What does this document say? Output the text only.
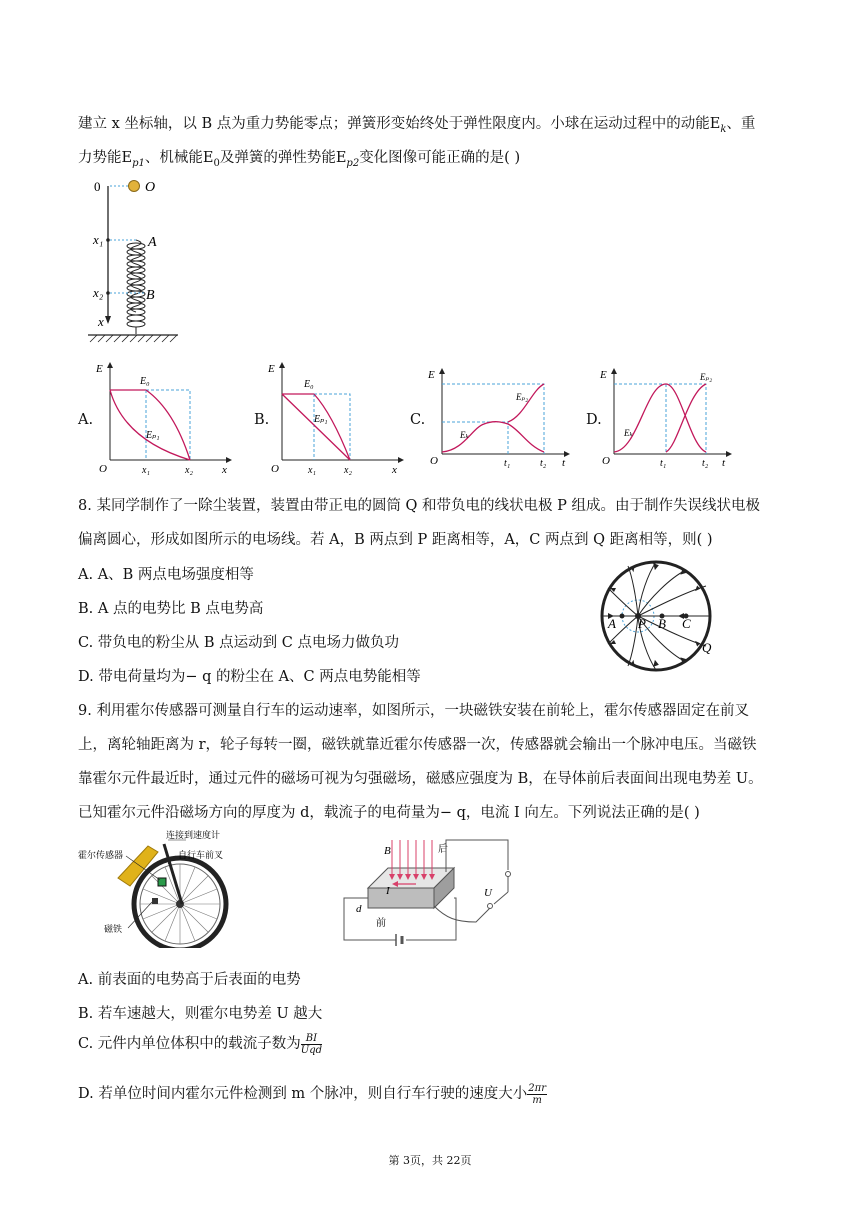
建立 x 坐标轴，以 B 点为重力势能零点；弹簧形变始终处于弹性限度内。小球在运动过程中的动能$E_k$、重
力势能$E_{p1}$、机械能$E_0$及弹簧的弹性势能$E_{p2}$变化图像可能正确的是( )
0	O
x₁	A
x₂	B
x
A.	B.	C.	D.
E
E₀
Eₚ₁
O	x₁	x₂	x
E
E₀
Eₚ₁
O	x₁	x₂	x
E
Eₚ₂
Eₖ
O	t₁	t₂ t
E	Eₚ₂
Eₖ
O	t₁	t₂ t
8. 某同学制作了一除尘装置，装置由带正电的圆筒 Q 和带负电的线状电极 P 组成。由于制作失误线状电极
偏离圆心，形成如图所示的电场线。若 A，B 两点到 P 距离相等，A，C 两点到 Q 距离相等，则( )
A. A、B 两点电场强度相等
B. A 点的电势比 B 点电势高
C. 带负电的粉尘从 B 点运动到 C 点电场力做负功
D. 带电荷量均为− q 的粉尘在 A、C 两点电势能相等
A P B C
Q
9. 利用霍尔传感器可测量自行车的运动速率，如图所示，一块磁铁安装在前轮上，霍尔传感器固定在前叉
上，离轮轴距离为 r，轮子每转一圈，磁铁就靠近霍尔传感器一次，传感器就会输出一个脉冲电压。当磁铁
靠霍尔元件最近时，通过元件的磁场可视为匀强磁场，磁感应强度为 B，在导体前后表面间出现电势差 U。
已知霍尔元件沿磁场方向的厚度为 d，载流子的电荷量为− q，电流 I 向左。下列说法正确的是( )
连接到速度计
霍尔传感器	自行车前叉
磁铁
B	后
I	U
d
前
A. 前表面的电势高于后表面的电势
B. 若车速越大，则霍尔电势差 U 越大
C. 元件内单位体积中的载流子数为 $\frac{BI}{\text{Uqd}}$
D. 若单位时间内霍尔元件检测到 m 个脉冲，则自行车行驶的速度大小 $\frac{2\pi r}{m}$
第 3页，共 22页
